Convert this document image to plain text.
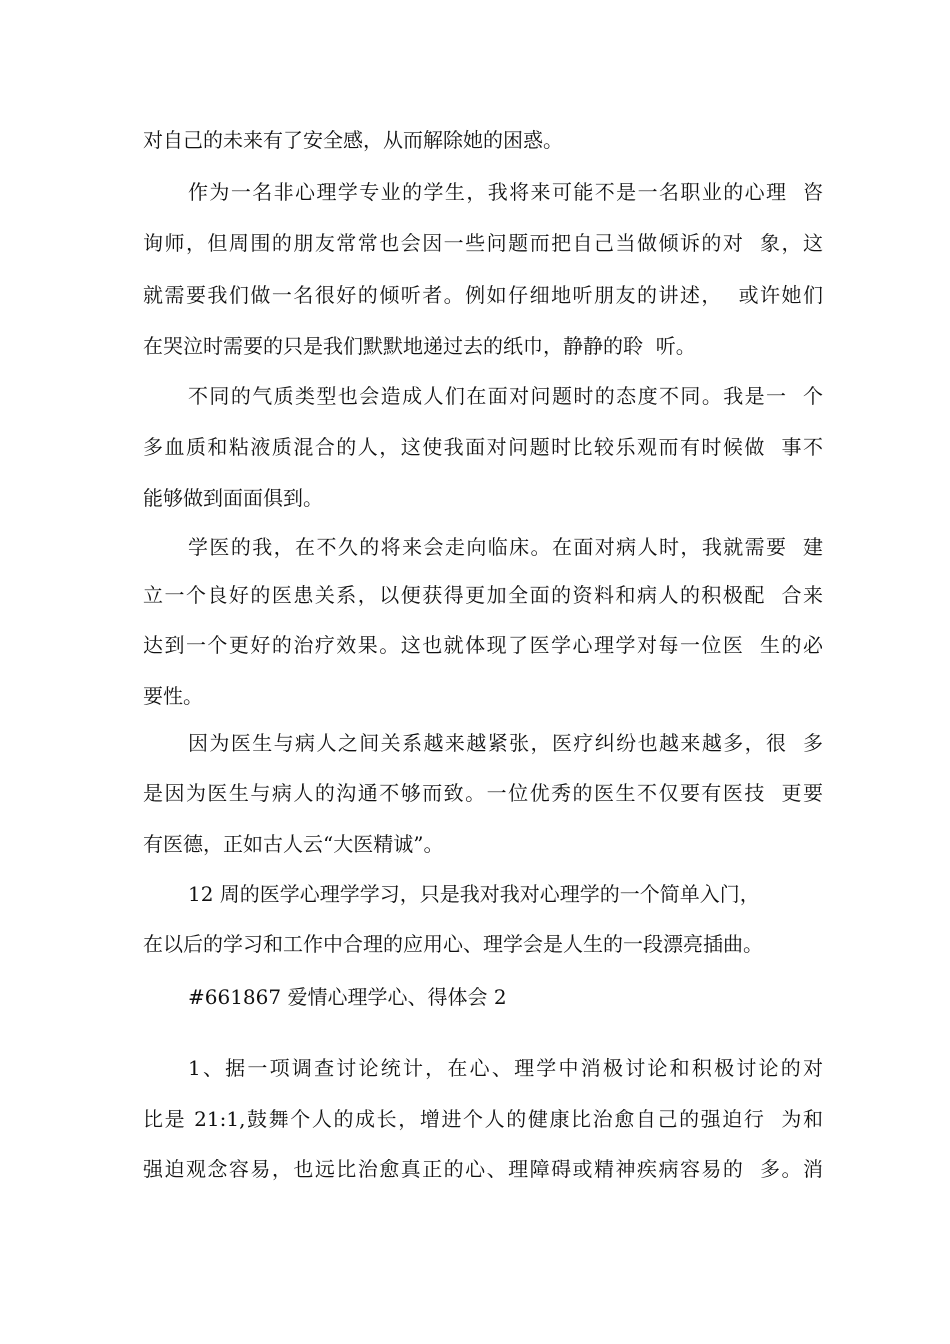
对自己的未来有了安全感，从而解除她的困惑。
作为一名非心理学专业的学生，我将来可能不是一名职业的心理  咨
询师，但周围的朋友常常也会因一些问题而把自己当做倾诉的对  象，这
就需要我们做一名很好的倾听者。例如仔细地听朋友的讲述，  或许她们
在哭泣时需要的只是我们默默地递过去的纸巾，静静的聆  听。
不同的气质类型也会造成人们在面对问题时的态度不同。我是一  个
多血质和粘液质混合的人，这使我面对问题时比较乐观而有时候做  事不
能够做到面面俱到。
学医的我，在不久的将来会走向临床。在面对病人时，我就需要  建
立一个良好的医患关系，以便获得更加全面的资料和病人的积极配  合来
达到一个更好的治疗效果。这也就体现了医学心理学对每一位医  生的必
要性。
因为医生与病人之间关系越来越紧张，医疗纠纷也越来越多，很  多
是因为医生与病人的沟通不够而致。一位优秀的医生不仅要有医技  更要
有医德，正如古人云“大医精诚”。
12 周的医学心理学学习，只是我对我对心理学的一个简单入门，
在以后的学习和工作中合理的应用心、理学会是人生的一段漂亮插曲。
#661867 爱情心理学心、得体会 2
1、据一项调查讨论统计，在心、理学中消极讨论和积极讨论的对
比是 21:1,鼓舞个人的成长，增进个人的健康比治愈自己的强迫行  为和
强迫观念容易，也远比治愈真正的心、理障碍或精神疾病容易的  多。消
